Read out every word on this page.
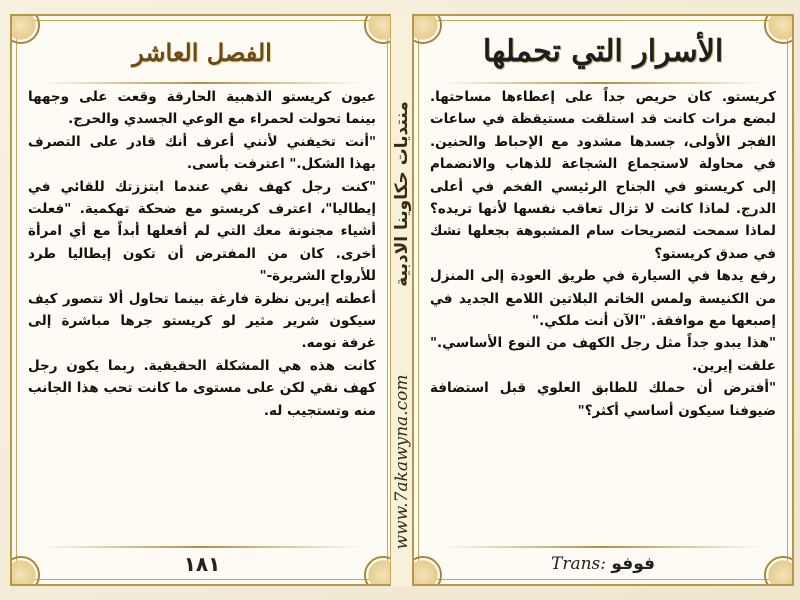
الفصل العاشر

عيون كريستو الذهبية الحارقة وقعت على وجهها بينما تحولت لحمراء مع الوعي الجسدي والحرج.

"أنت تخيفني لأنني أعرف أنك قادر على التصرف بهذا الشكل." اعترفت بأسى.

"كنت رجل كهف نقي عندما ابتززتك للقائي في إيطاليا"، اعترف كريستو مع ضحكة تهكمية. "فعلت أشياء مجنونة معك التي لم أفعلها أبداً مع أي امرأة أخرى. كان من المفترض أن تكون إيطاليا طرد للأرواح الشريرة-"

أعطته إيرين نظرة فارغة بينما تحاول ألا تتصور كيف سيكون شرير مثير لو كريستو جرها مباشرة إلى غرفة نومه.

كانت هذه هي المشكلة الحقيقية. ربما يكون رجل كهف نقي لكن على مستوى ما كانت تحب هذا الجانب منه وتستجيب له.

١٨١
منتديات حكاوينا الادبية
www.7akawyna.com
الأسرار التي تحملها

كريستو. كان حريص جداً على إعطاءها مساحتها. لبضع مرات كانت قد استلقت مستيقظة في ساعات الفجر الأولى، جسدها مشدود مع الإحباط والحنين. في محاولة لاستجماع الشجاعة للذهاب والانضمام إلى كريستو في الجناح الرئيسي الفخم في أعلى الدرج. لماذا كانت لا تزال تعاقب نفسها لأنها تريده؟ لماذا سمحت لتصريحات سام المشبوهة بجعلها تشك في صدق كريستو؟

رفع يدها في السيارة في طريق العودة إلى المنزل من الكنيسة ولمس الخاتم البلاتين اللامع الجديد في إصبعها مع موافقة. "الآن أنت ملكي."

"هذا يبدو جداً مثل رجل الكهف من النوع الأساسي." علقت إيرين.

"أفترض أن حملك للطابق العلوي قبل استضافة ضيوفنا سيكون أساسي أكثر؟"

Trans: فوفو
